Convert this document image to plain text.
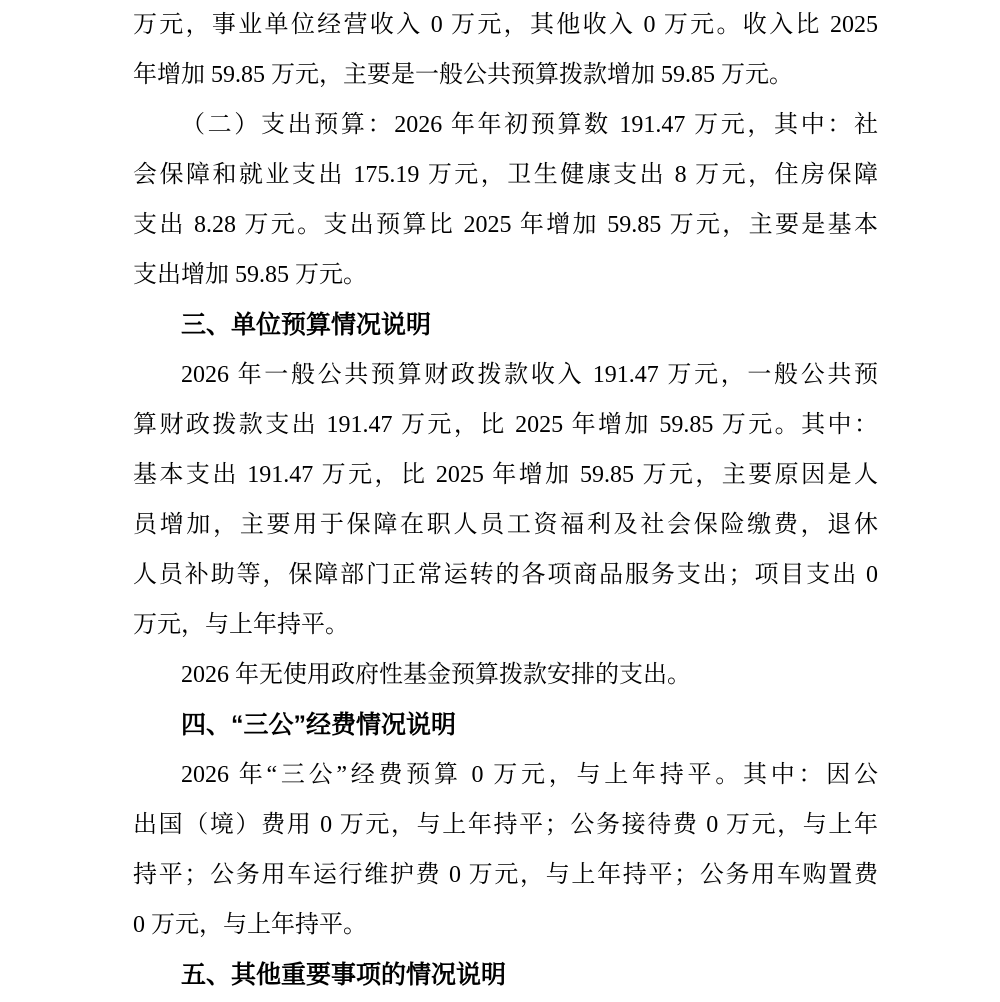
万元，事业单位经营收入 0 万元，其他收入 0 万元。收入比 2025
年增加 59.85 万元，主要是一般公共预算拨款增加 59.85 万元。
（二）支出预算：2026 年年初预算数 191.47 万元，其中：社
会保障和就业支出 175.19 万元，卫生健康支出 8 万元，住房保障
支出 8.28 万元。支出预算比 2025 年增加 59.85 万元，主要是基本
支出增加 59.85 万元。
三、单位预算情况说明
2026 年一般公共预算财政拨款收入 191.47 万元，一般公共预
算财政拨款支出 191.47 万元，比 2025 年增加 59.85 万元。其中：
基本支出 191.47 万元，比 2025 年增加 59.85 万元，主要原因是人
员增加，主要用于保障在职人员工资福利及社会保险缴费，退休
人员补助等，保障部门正常运转的各项商品服务支出；项目支出 0
万元，与上年持平。
2026 年无使用政府性基金预算拨款安排的支出。
四、“三公”经费情况说明
2026 年“三公”经费预算 0 万元，与上年持平。其中：因公
出国（境）费用 0 万元，与上年持平；公务接待费 0 万元，与上年
持平；公务用车运行维护费 0 万元，与上年持平；公务用车购置费
0 万元，与上年持平。
五、其他重要事项的情况说明
